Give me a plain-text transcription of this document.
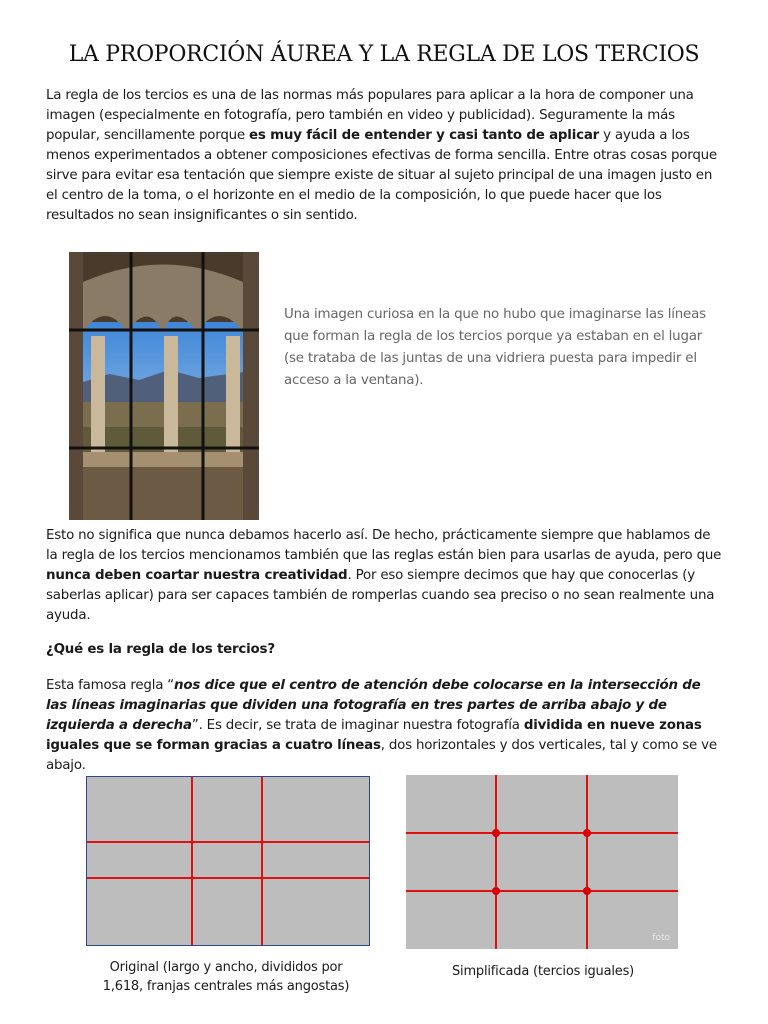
LA PROPORCIÓN ÁUREA Y LA REGLA DE LOS TERCIOS

La regla de los tercios es una de las normas más populares para aplicar a la hora de componer una imagen (especialmente en fotografía, pero también en video y publicidad). Seguramente la más popular, sencillamente porque es muy fácil de entender y casi tanto de aplicar y ayuda a los menos experimentados a obtener composiciones efectivas de forma sencilla. Entre otras cosas porque sirve para evitar esa tentación que siempre existe de situar al sujeto principal de una imagen justo en el centro de la toma, o el horizonte en el medio de la composición, lo que puede hacer que los resultados no sean insignificantes o sin sentido.

Una imagen curiosa en la que no hubo que imaginarse las líneas que forman la regla de los tercios porque ya estaban en el lugar (se trataba de las juntas de una vidriera puesta para impedir el acceso a la ventana).

Esto no significa que nunca debamos hacerlo así. De hecho, prácticamente siempre que hablamos de la regla de los tercios mencionamos también que las reglas están bien para usarlas de ayuda, pero que nunca deben coartar nuestra creatividad. Por eso siempre decimos que hay que conocerlas (y saberlas aplicar) para ser capaces también de romperlas cuando sea preciso o no sean realmente una ayuda.

¿Qué es la regla de los tercios?

Esta famosa regla “nos dice que el centro de atención debe colocarse en la intersección de las líneas imaginarias que dividen una fotografía en tres partes de arriba abajo y de izquierda a derecha”. Es decir, se trata de imaginar nuestra fotografía dividida en nueve zonas iguales que se forman gracias a cuatro líneas, dos horizontales y dos verticales, tal y como se ve abajo.

foto
Original (largo y ancho, divididos por 1,618, franjas centrales más angostas)
Simplificada (tercios iguales)
